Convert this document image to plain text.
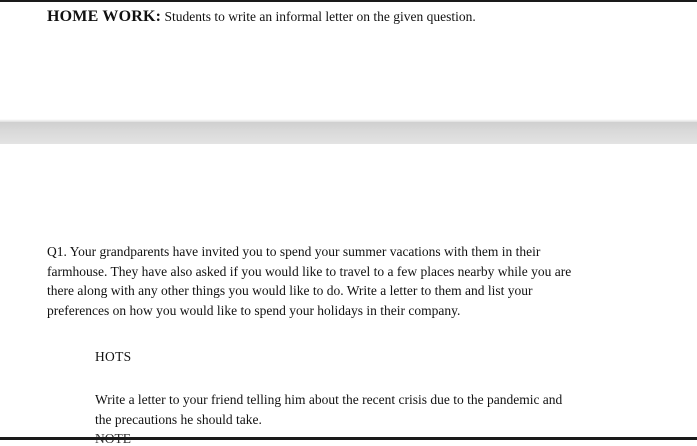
HOME WORK: Students to write an informal letter on the given question.
Q1. Your grandparents have invited you to spend your summer vacations with them in their
farmhouse. They have also asked if you would like to travel to a few places nearby while you are
there along with any other things you would like to do. Write a letter to them and list your
preferences on how you would like to spend your holidays in their company.
HOTS
Write a letter to your friend telling him about the recent crisis due to the pandemic and
the precautions he should take.
